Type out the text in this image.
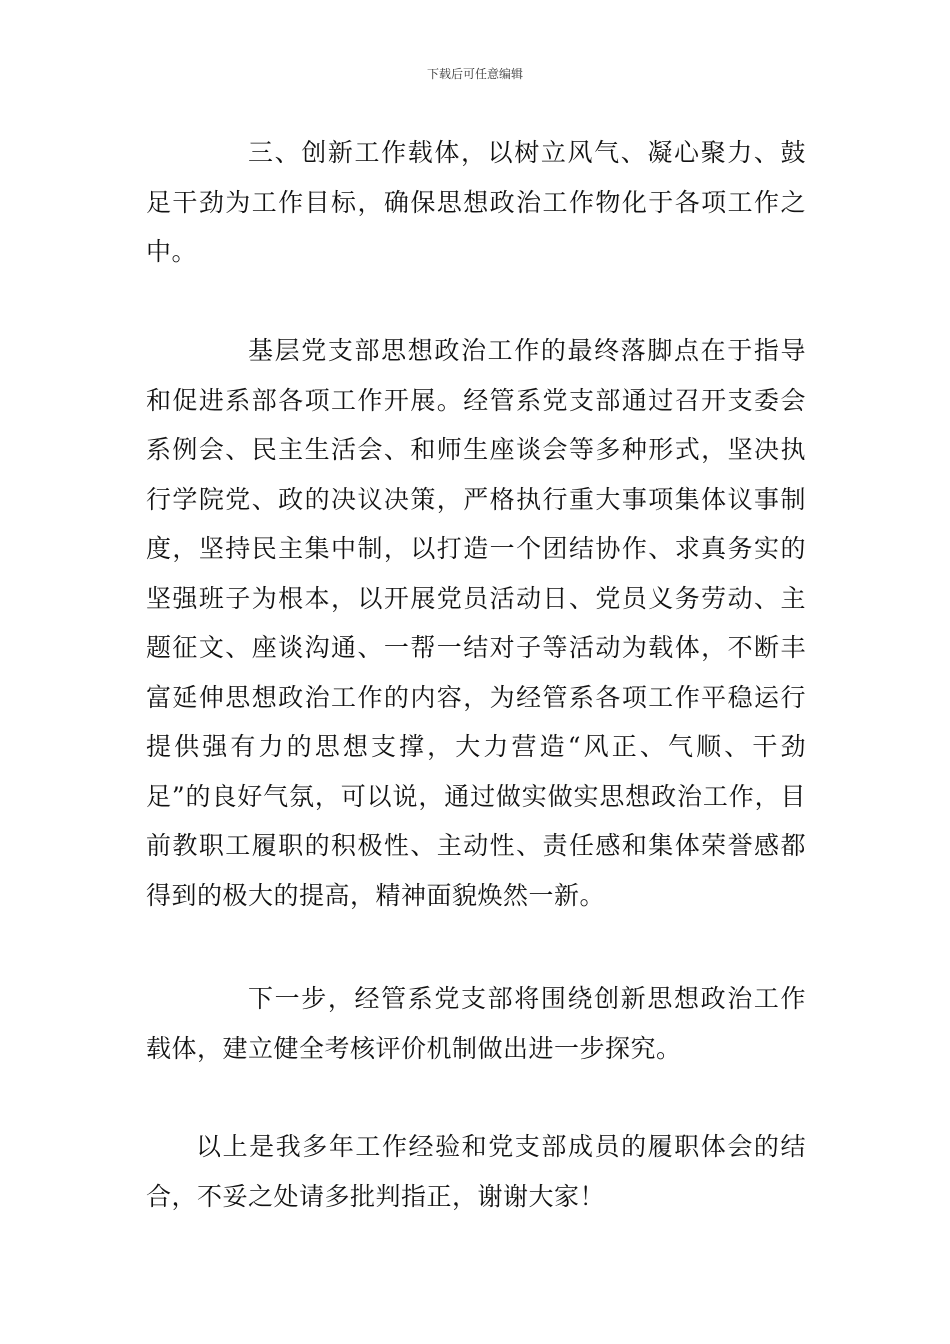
下载后可任意编辑

三、创新工作载体，以树立风气、凝心聚力、鼓足干劲为工作目标，确保思想政治工作物化于各项工作之中。

基层党支部思想政治工作的最终落脚点在于指导和促进系部各项工作开展。经管系党支部通过召开支委会系例会、民主生活会、和师生座谈会等多种形式，坚决执行学院党、政的决议决策，严格执行重大事项集体议事制度，坚持民主集中制，以打造一个团结协作、求真务实的坚强班子为根本，以开展党员活动日、党员义务劳动、主题征文、座谈沟通、一帮一结对子等活动为载体，不断丰富延伸思想政治工作的内容，为经管系各项工作平稳运行提供强有力的思想支撑，大力营造“风正、气顺、干劲足”的良好气氛，可以说，通过做实做实思想政治工作，目前教职工履职的积极性、主动性、责任感和集体荣誉感都得到的极大的提高，精神面貌焕然一新。

下一步，经管系党支部将围绕创新思想政治工作载体，建立健全考核评价机制做出进一步探究。

以上是我多年工作经验和党支部成员的履职体会的结合，不妥之处请多批判指正，谢谢大家！
